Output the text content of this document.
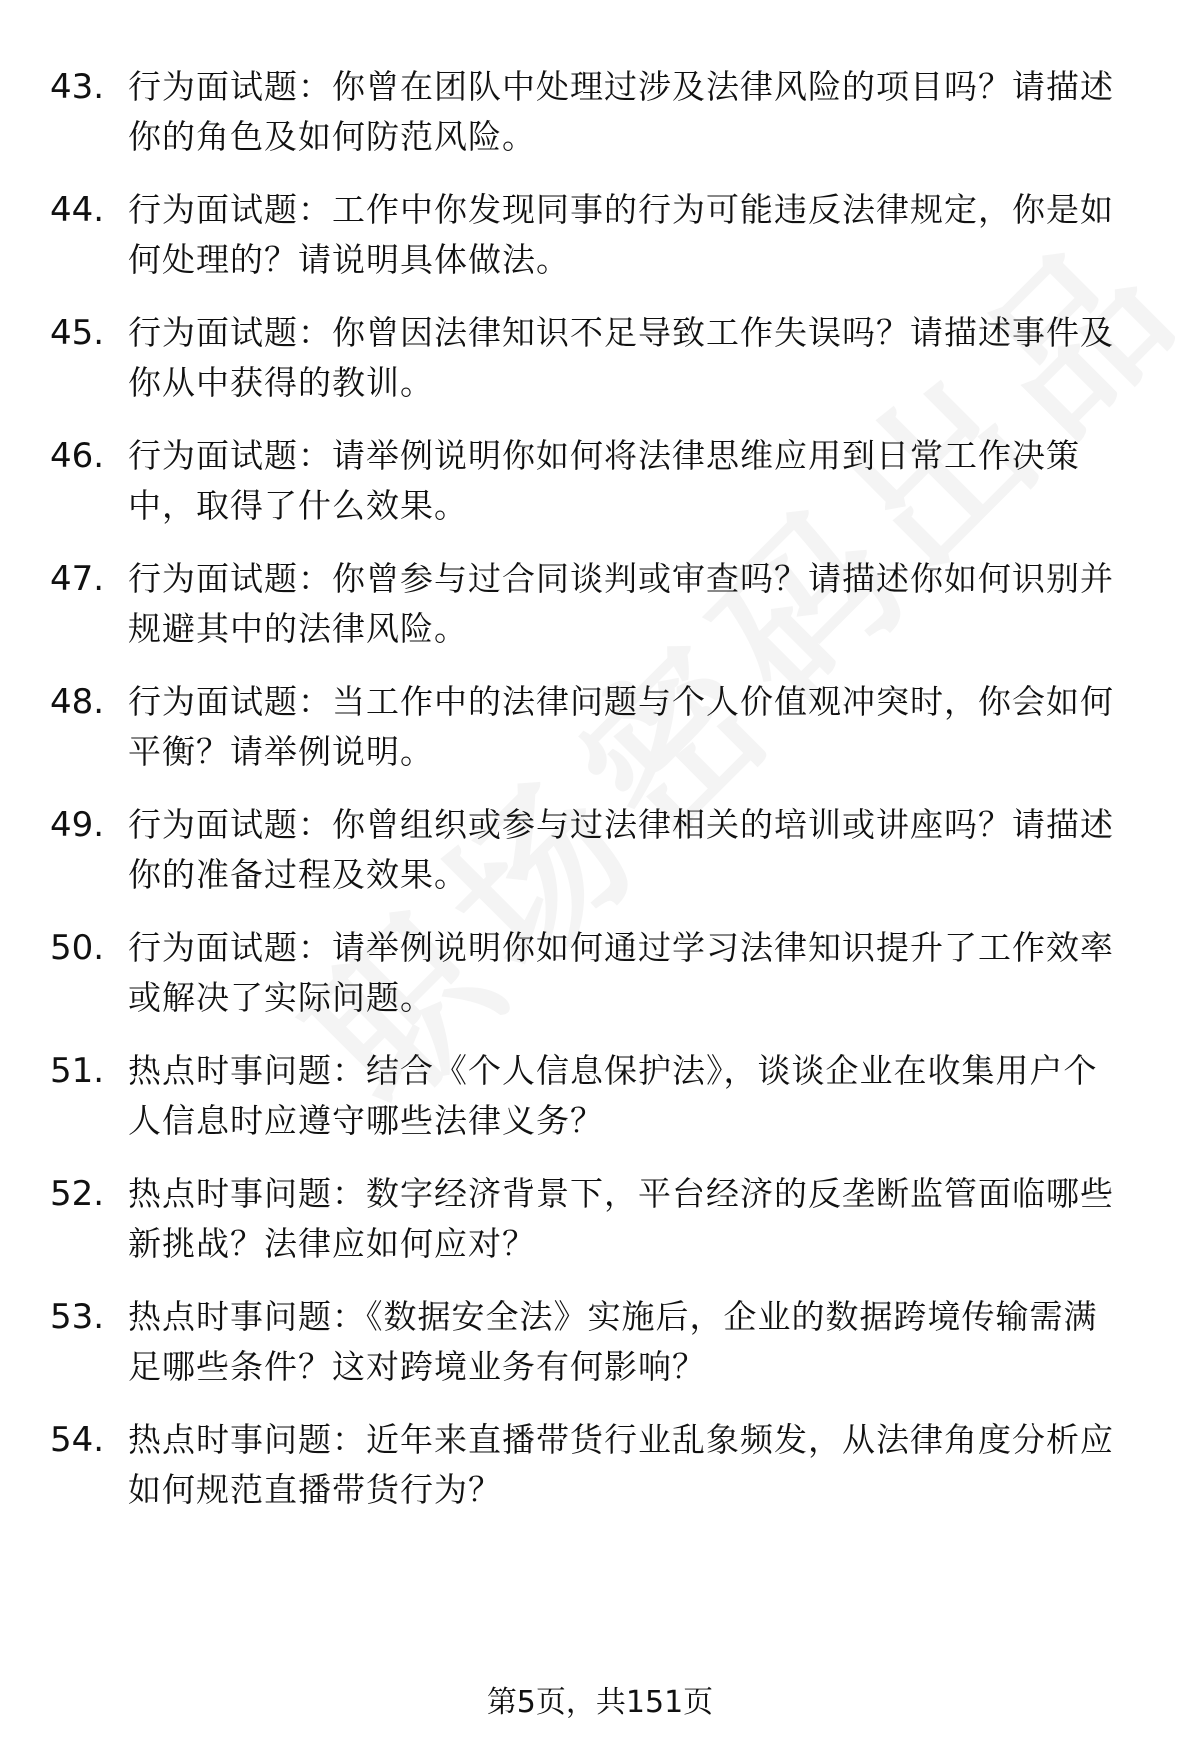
43. 行为面试题：你曾在团队中处理过涉及法律风险的项目吗？请描述你的角色及如何防范风险。
44. 行为面试题：工作中你发现同事的行为可能违反法律规定，你是如何处理的？请说明具体做法。
45. 行为面试题：你曾因法律知识不足导致工作失误吗？请描述事件及你从中获得的教训。
46. 行为面试题：请举例说明你如何将法律思维应用到日常工作决策中，取得了什么效果。
47. 行为面试题：你曾参与过合同谈判或审查吗？请描述你如何识别并规避其中的法律风险。
48. 行为面试题：当工作中的法律问题与个人价值观冲突时，你会如何平衡？请举例说明。
49. 行为面试题：你曾组织或参与过法律相关的培训或讲座吗？请描述你的准备过程及效果。
50. 行为面试题：请举例说明你如何通过学习法律知识提升了工作效率或解决了实际问题。
51. 热点时事问题：结合《个人信息保护法》，谈谈企业在收集用户个人信息时应遵守哪些法律义务？
52. 热点时事问题：数字经济背景下，平台经济的反垄断监管面临哪些新挑战？法律应如何应对？
53. 热点时事问题：《数据安全法》实施后，企业的数据跨境传输需满足哪些条件？这对跨境业务有何影响？
54. 热点时事问题：近年来直播带货行业乱象频发，从法律角度分析应如何规范直播带货行为？
第5页，共151页
